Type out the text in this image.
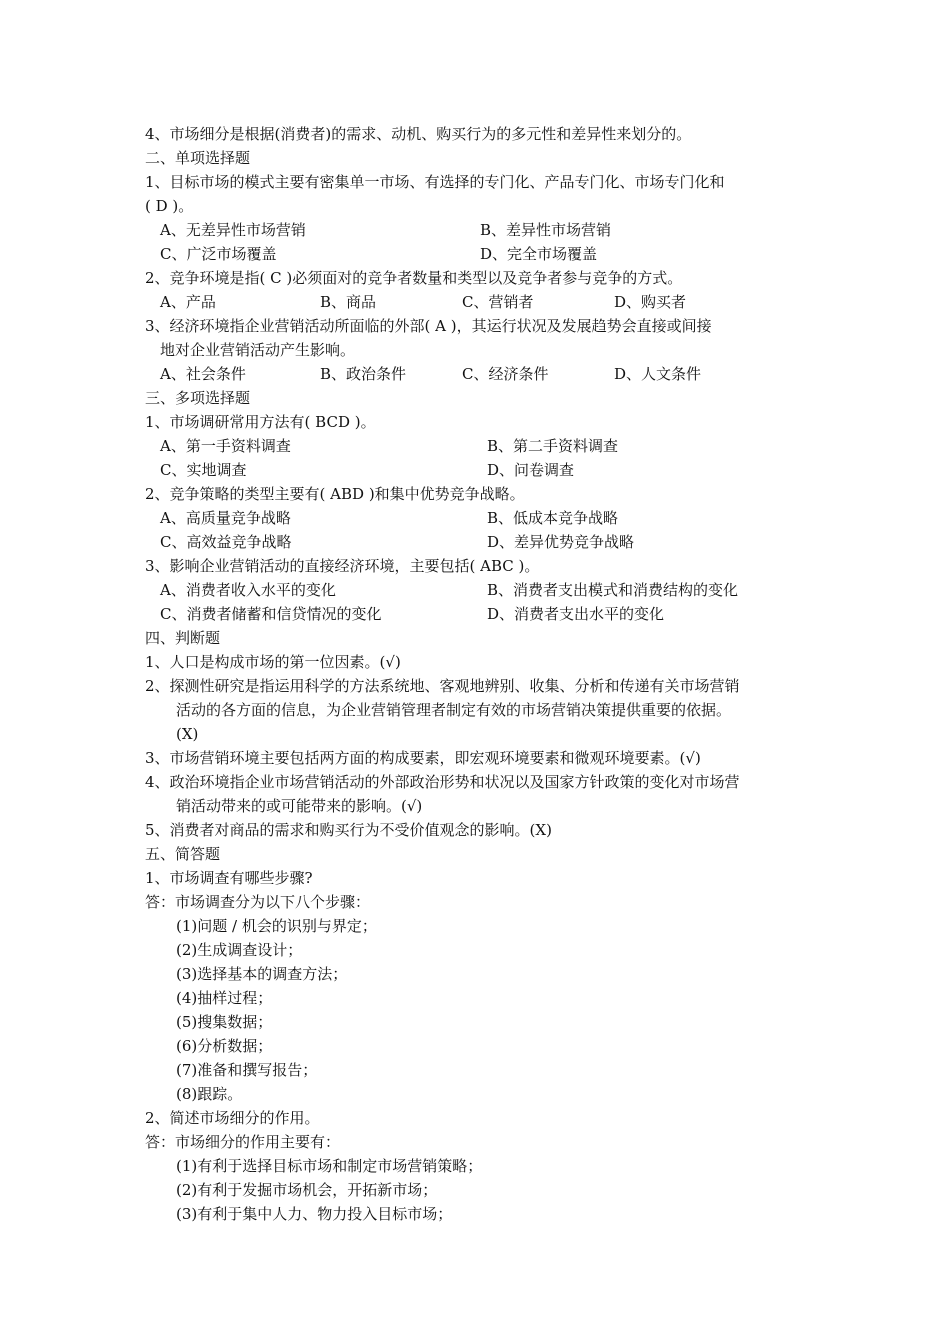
4、市场细分是根据(消费者)的需求、动机、购买行为的多元性和差异性来划分的。
二、单项选择题
1、目标市场的模式主要有密集单一市场、有选择的专门化、产品专门化、市场专门化和
( D )。
A、无差异性市场营销	B、差异性市场营销
C、广泛市场覆盖	D、完全市场覆盖
2、竞争环境是指( C )必须面对的竞争者数量和类型以及竞争者参与竞争的方式。
A、产品	B、商品	C、营销者	D、购买者
3、经济环境指企业营销活动所面临的外部( A )，其运行状况及发展趋势会直接或间接
地对企业营销活动产生影响。
A、社会条件	B、政治条件	C、经济条件	D、人文条件
三、多项选择题
1、市场调研常用方法有( BCD )。
A、第一手资料调查	B、第二手资料调查
C、实地调查	D、问卷调查
2、竞争策略的类型主要有( ABD )和集中优势竞争战略。
A、高质量竞争战略	B、低成本竞争战略
C、高效益竞争战略	D、差异优势竞争战略
3、影响企业营销活动的直接经济环境，主要包括( ABC )。
A、消费者收入水平的变化	B、消费者支出模式和消费结构的变化
C、消费者储蓄和信贷情况的变化	D、消费者支出水平的变化
四、判断题
1、人口是构成市场的第一位因素。(√)
2、探测性研究是指运用科学的方法系统地、客观地辨别、收集、分析和传递有关市场营销
活动的各方面的信息，为企业营销管理者制定有效的市场营销决策提供重要的依据。
(X)
3、市场营销环境主要包括两方面的构成要素，即宏观环境要素和微观环境要素。(√)
4、政治环境指企业市场营销活动的外部政治形势和状况以及国家方针政策的变化对市场营
销活动带来的或可能带来的影响。(√)
5、消费者对商品的需求和购买行为不受价值观念的影响。(X)
五、简答题
1、市场调查有哪些步骤?
答：市场调查分为以下八个步骤：
(1)问题 / 机会的识别与界定；
(2)生成调查设计；
(3)选择基本的调查方法；
(4)抽样过程；
(5)搜集数据；
(6)分析数据；
(7)准备和撰写报告；
(8)跟踪。
2、简述市场细分的作用。
答：市场细分的作用主要有：
(1)有利于选择目标市场和制定市场营销策略；
(2)有利于发掘市场机会，开拓新市场；
(3)有利于集中人力、物力投入目标市场；
